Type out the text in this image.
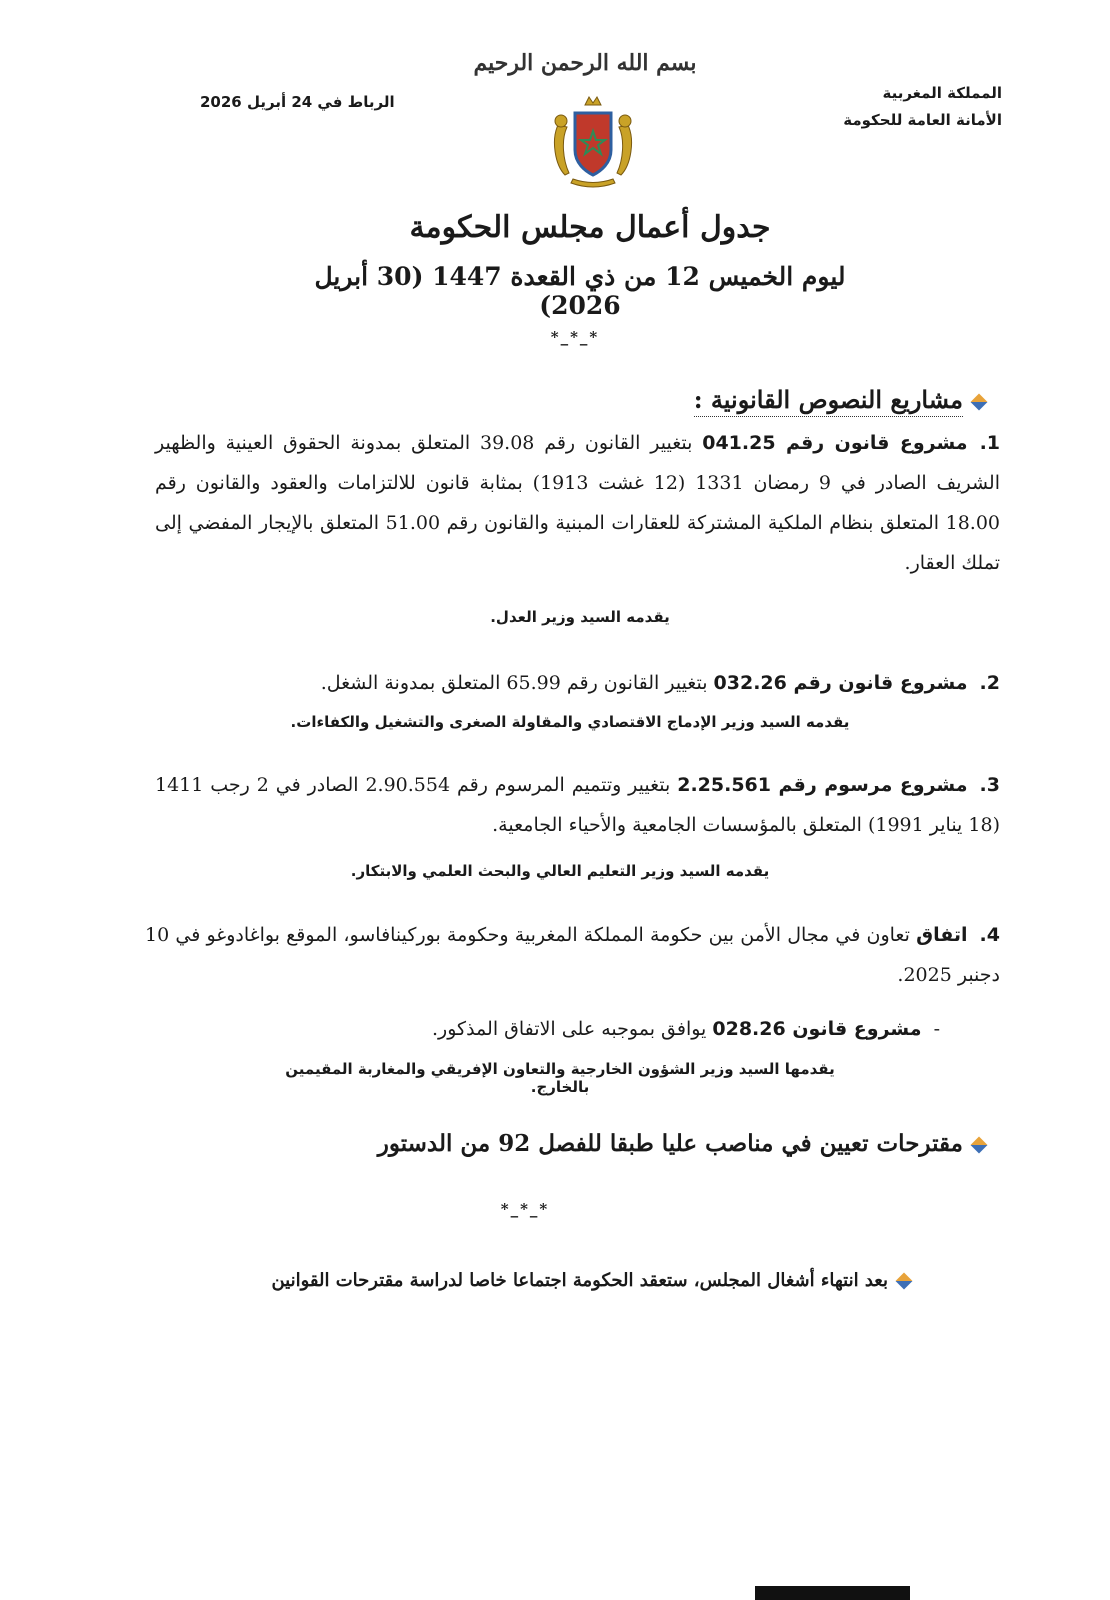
بسم الله الرحمن الرحيم
المملكة المغربية
الأمانة العامة للحكومة
الرباط في 24 أبريل 2026
جدول أعمال مجلس الحكومة
ليوم الخميس 12 من ذي القعدة 1447 (30 أبريل 2026)
*_*_*
مشاريع النصوص القانونية :
1.مشروع قانون رقم 041.25 بتغيير القانون رقم 39.08 المتعلق بمدونة الحقوق العينية والظهير الشريف الصادر في 9 رمضان 1331 (12 غشت 1913) بمثابة قانون للالتزامات والعقود والقانون رقم 18.00 المتعلق بنظام الملكية المشتركة للعقارات المبنية والقانون رقم 51.00 المتعلق بالإيجار المفضي إلى تملك العقار.
يقدمه السيد وزير العدل.
2.مشروع قانون رقم 032.26 بتغيير القانون رقم 65.99 المتعلق بمدونة الشغل.
يقدمه السيد وزير الإدماج الاقتصادي والمقاولة الصغرى والتشغيل والكفاءات.
3.مشروع مرسوم رقم 2.25.561 بتغيير وتتميم المرسوم رقم 2.90.554 الصادر في 2 رجب 1411 (18 يناير 1991) المتعلق بالمؤسسات الجامعية والأحياء الجامعية.
يقدمه السيد وزير التعليم العالي والبحث العلمي والابتكار.
4.اتفاق تعاون في مجال الأمن بين حكومة المملكة المغربية وحكومة بوركينافاسو، الموقع بواغادوغو في 10 دجنبر 2025.
-  مشروع قانون 028.26 يوافق بموجبه على الاتفاق المذكور.
يقدمها السيد وزير الشؤون الخارجية والتعاون الإفريقي والمغاربة المقيمين بالخارج.
مقترحات تعيين في مناصب عليا طبقا للفصل 92 من الدستور
*_*_*
بعد انتهاء أشغال المجلس، ستعقد الحكومة اجتماعا خاصا لدراسة مقترحات القوانين
